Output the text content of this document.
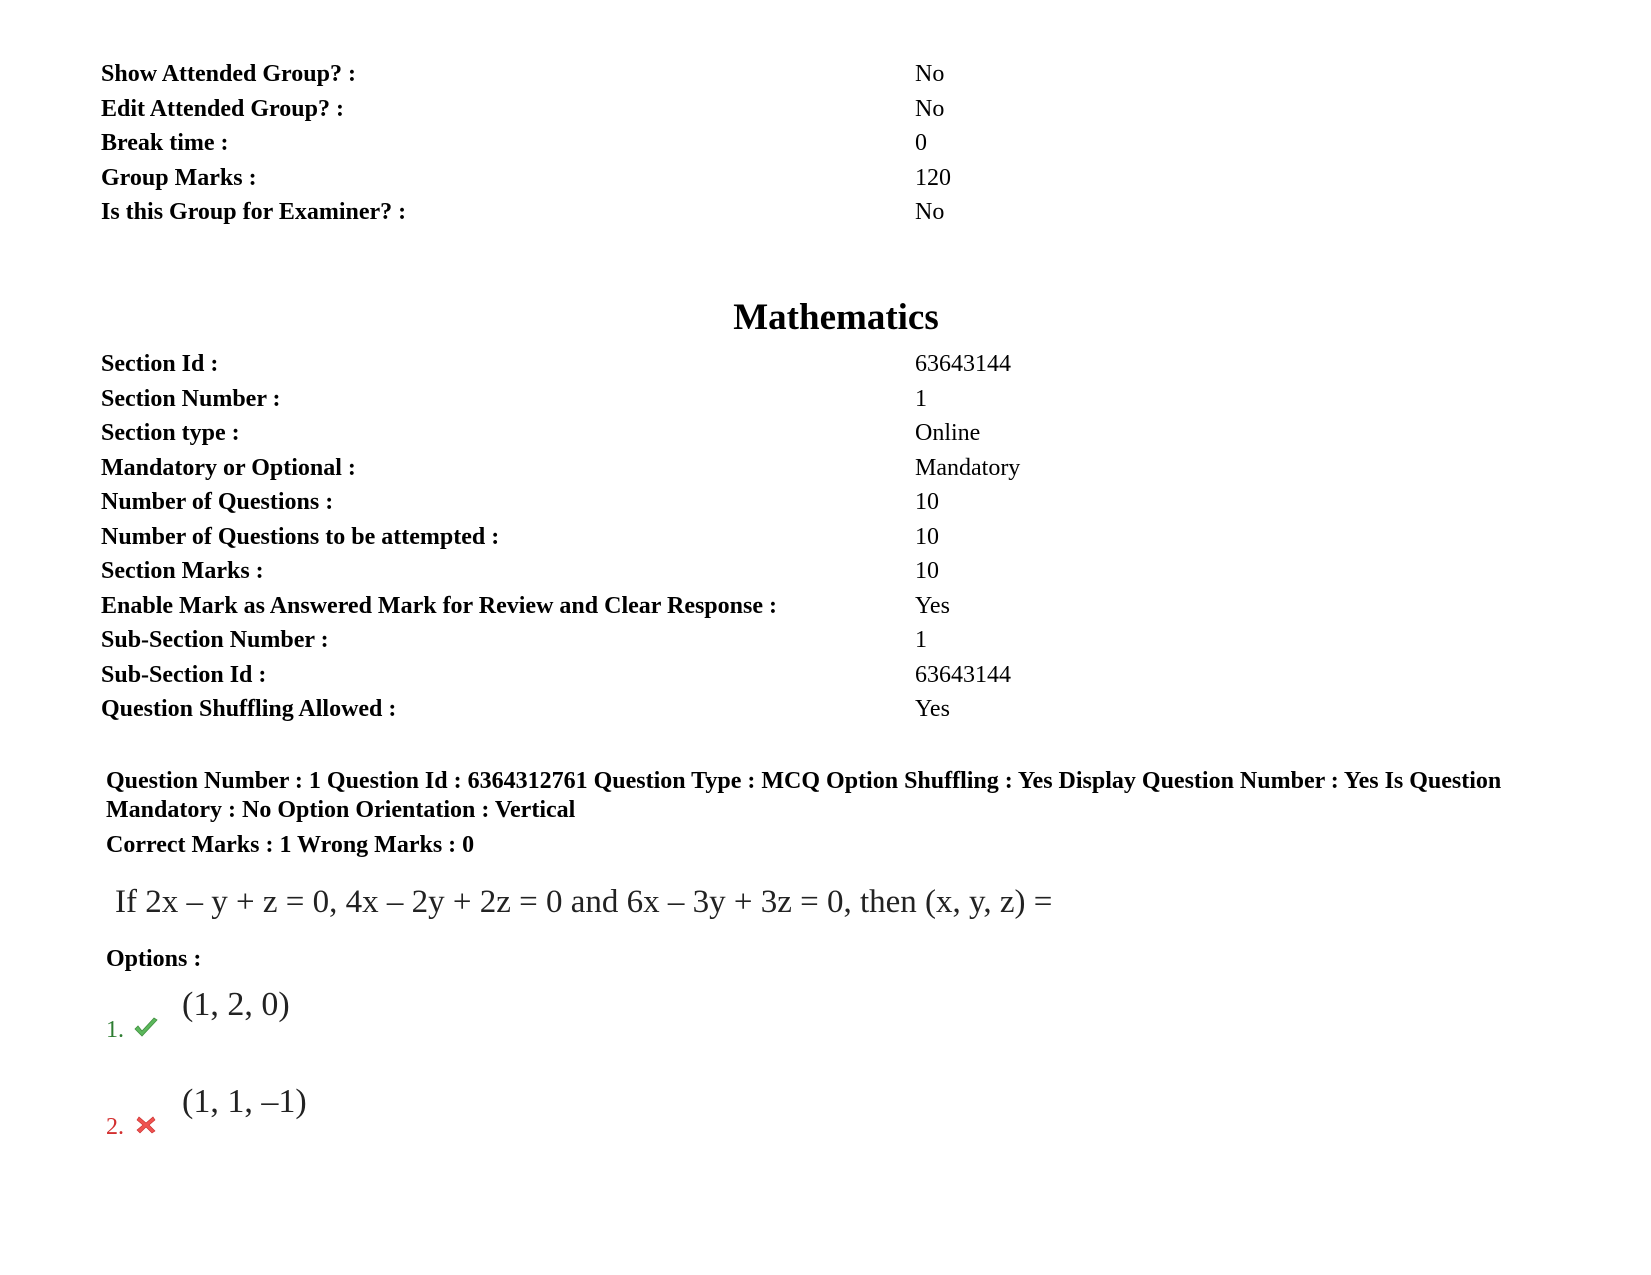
Show Attended Group? :	No
Edit Attended Group? :	No
Break time :	0
Group Marks :	120
Is this Group for Examiner? :	No
Mathematics
Section Id :	63643144
Section Number :	1
Section type :	Online
Mandatory or Optional :	Mandatory
Number of Questions :	10
Number of Questions to be attempted :	10
Section Marks :	10
Enable Mark as Answered Mark for Review and Clear Response :	Yes
Sub-Section Number :	1
Sub-Section Id :	63643144
Question Shuffling Allowed :	Yes
Question Number : 1 Question Id : 6364312761 Question Type : MCQ Option Shuffling : Yes Display Question Number : Yes Is Question Mandatory : No Option Orientation : Vertical
Correct Marks : 1 Wrong Marks : 0
If 2x – y + z = 0, 4x – 2y + 2z = 0 and 6x – 3y + 3z = 0, then (x, y, z) =
Options :
1.
(1, 2, 0)
2.
(1, 1, –1)
